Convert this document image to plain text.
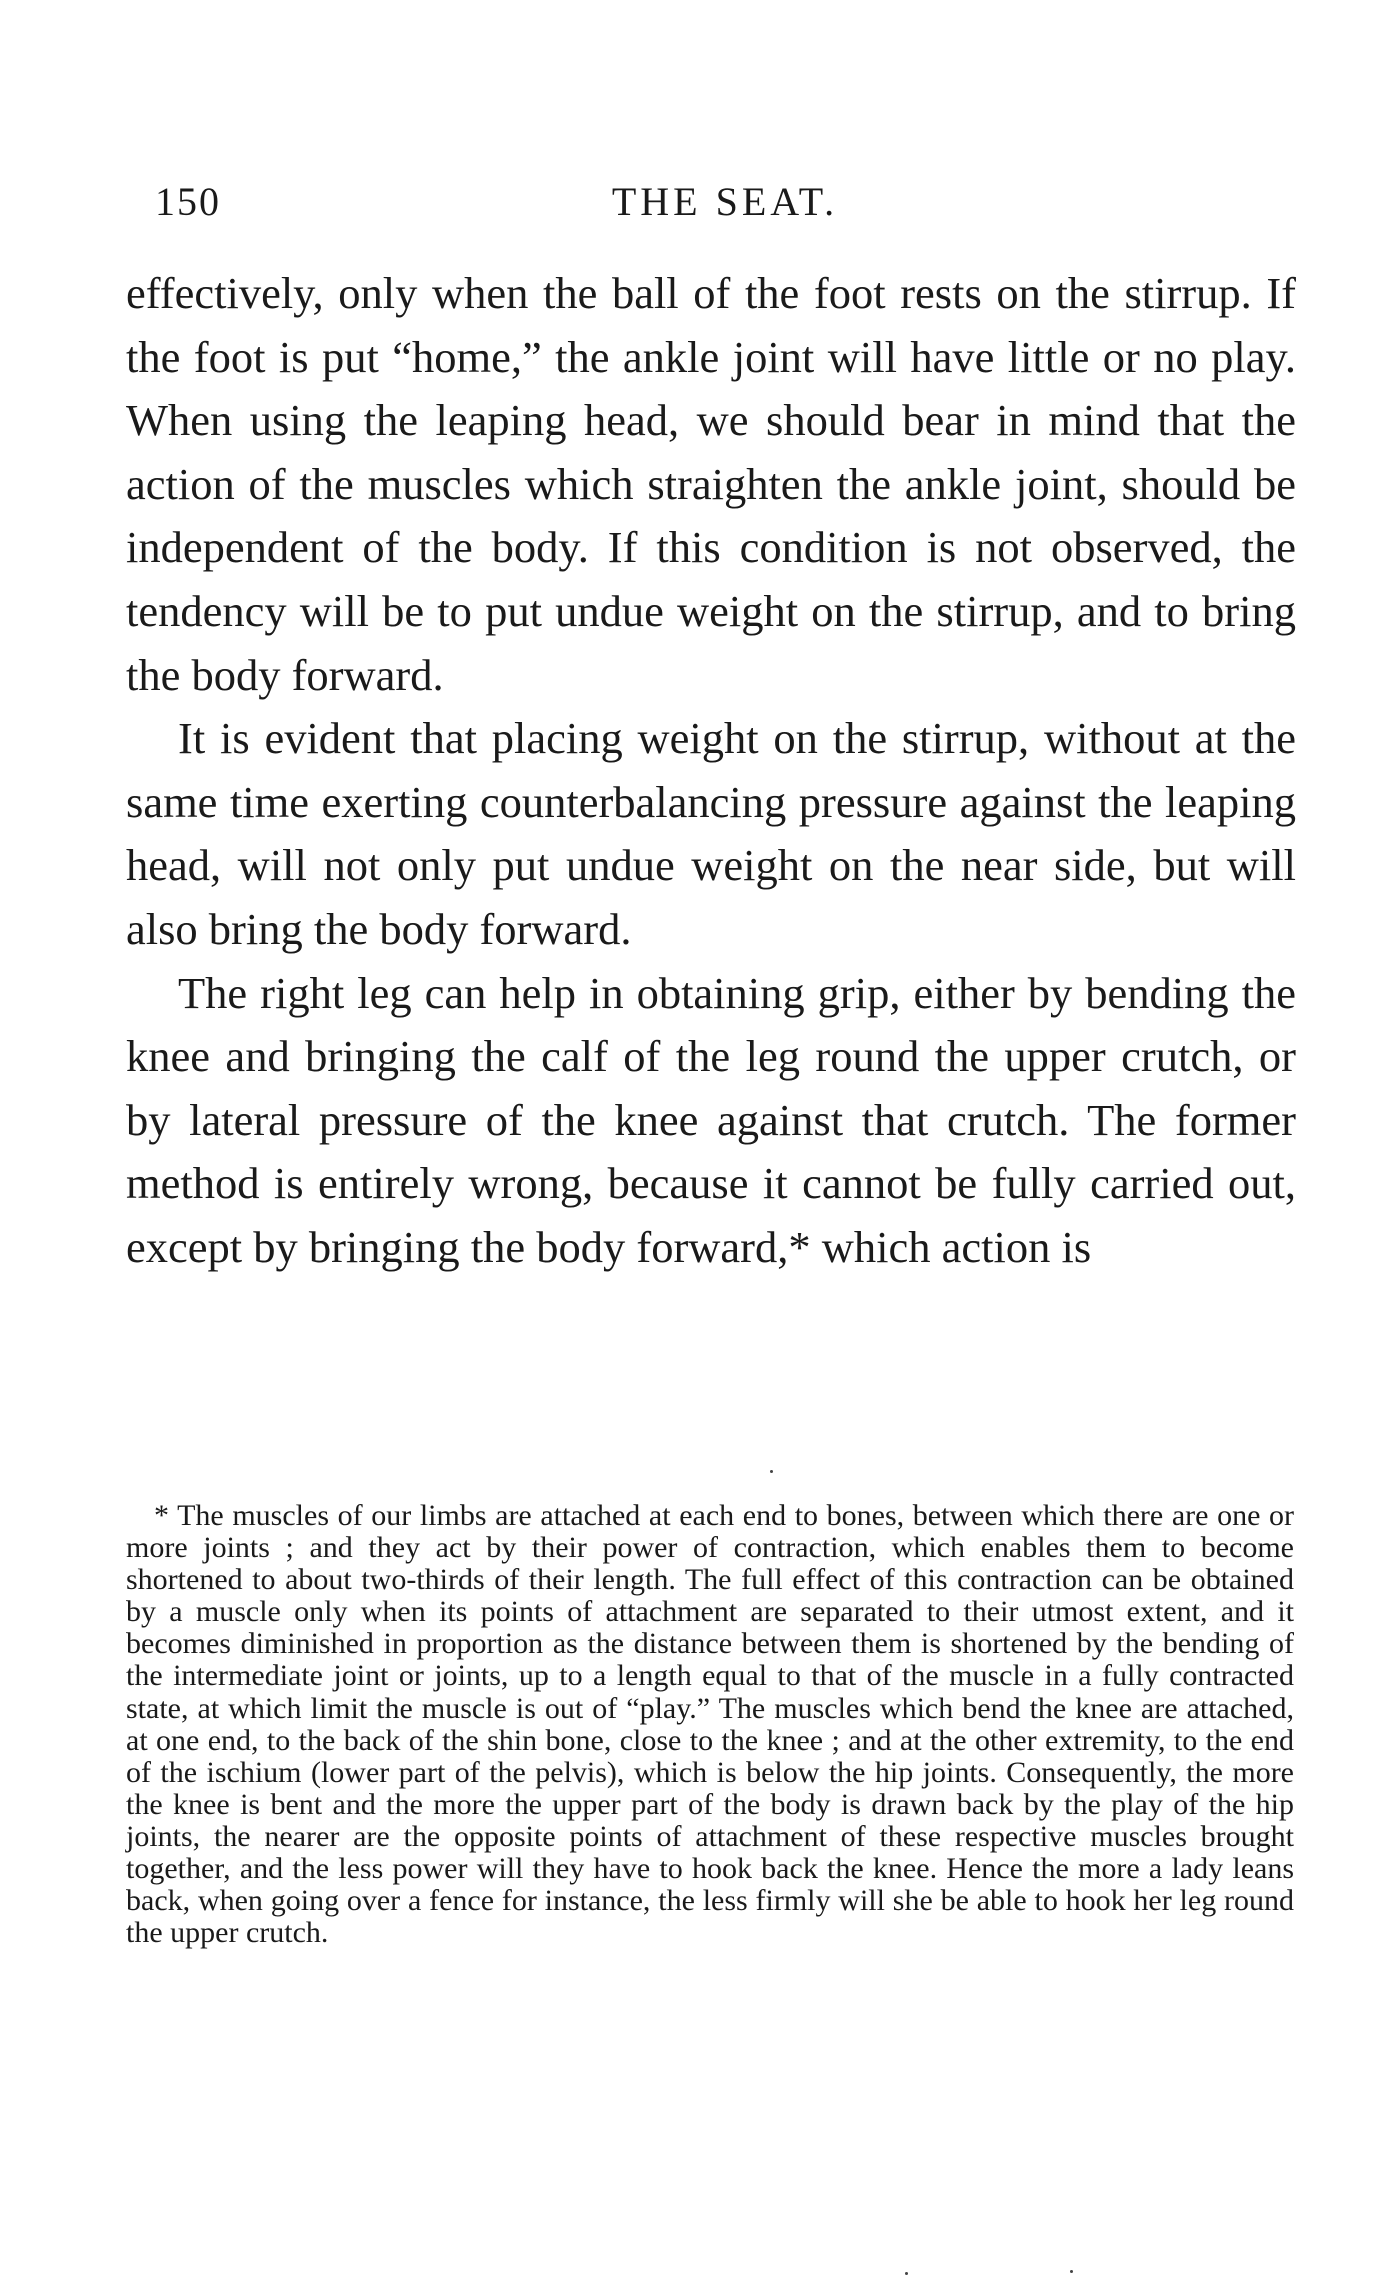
150	THE SEAT.

effectively, only when the ball of the foot rests on the stirrup. If the foot is put “home,” the ankle joint will have little or no play. When using the leaping head, we should bear in mind that the action of the muscles which straighten the ankle joint, should be independent of the body. If this condition is not observed, the tendency will be to put undue weight on the stirrup, and to bring the body forward.

It is evident that placing weight on the stirrup, without at the same time exerting counterbalancing pressure against the leaping head, will not only put undue weight on the near side, but will also bring the body forward.

The right leg can help in obtaining grip, either by bending the knee and bringing the calf of the leg round the upper crutch, or by lateral pressure of the knee against that crutch. The former method is entirely wrong, because it cannot be fully carried out, except by bringing the body forward,* which action is

* The muscles of our limbs are attached at each end to bones, between which there are one or more joints ; and they act by their power of contraction, which enables them to become shortened to about two-thirds of their length. The full effect of this contraction can be obtained by a muscle only when its points of attachment are separated to their utmost extent, and it becomes diminished in proportion as the distance between them is shortened by the bending of the intermediate joint or joints, up to a length equal to that of the muscle in a fully contracted state, at which limit the muscle is out of “play.” The muscles which bend the knee are attached, at one end, to the back of the shin bone, close to the knee ; and at the other extremity, to the end of the ischium (lower part of the pelvis), which is below the hip joints. Consequently, the more the knee is bent and the more the upper part of the body is drawn back by the play of the hip joints, the nearer are the opposite points of attachment of these respective muscles brought together, and the less power will they have to hook back the knee. Hence the more a lady leans back, when going over a fence for instance, the less firmly will she be able to hook her leg round the upper crutch.
